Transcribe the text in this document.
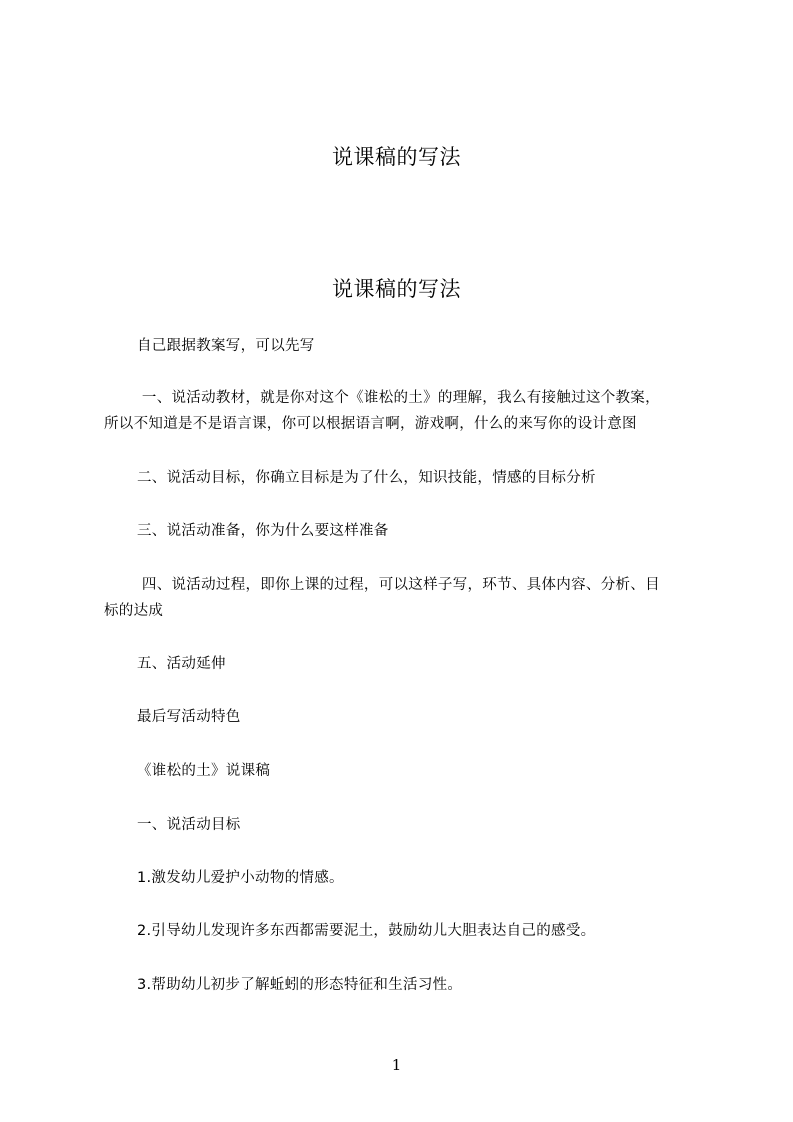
说课稿的写法
说课稿的写法

自己跟据教案写，可以先写

一、说活动教材，就是你对这个《谁松的土》的理解，我么有接触过这个教案，
所以不知道是不是语言课，你可以根据语言啊，游戏啊，什么的来写你的设计意图

二、说活动目标，你确立目标是为了什么，知识技能，情感的目标分析

三、说活动准备，你为什么要这样准备

四、说活动过程，即你上课的过程，可以这样子写，环节、具体内容、分析、目
标的达成

五、活动延伸

最后写活动特色

《谁松的土》说课稿

一、说活动目标

1.激发幼儿爱护小动物的情感。

2.引导幼儿发现许多东西都需要泥土，鼓励幼儿大胆表达自己的感受。

3.帮助幼儿初步了解蚯蚓的形态特征和生活习性。

1
